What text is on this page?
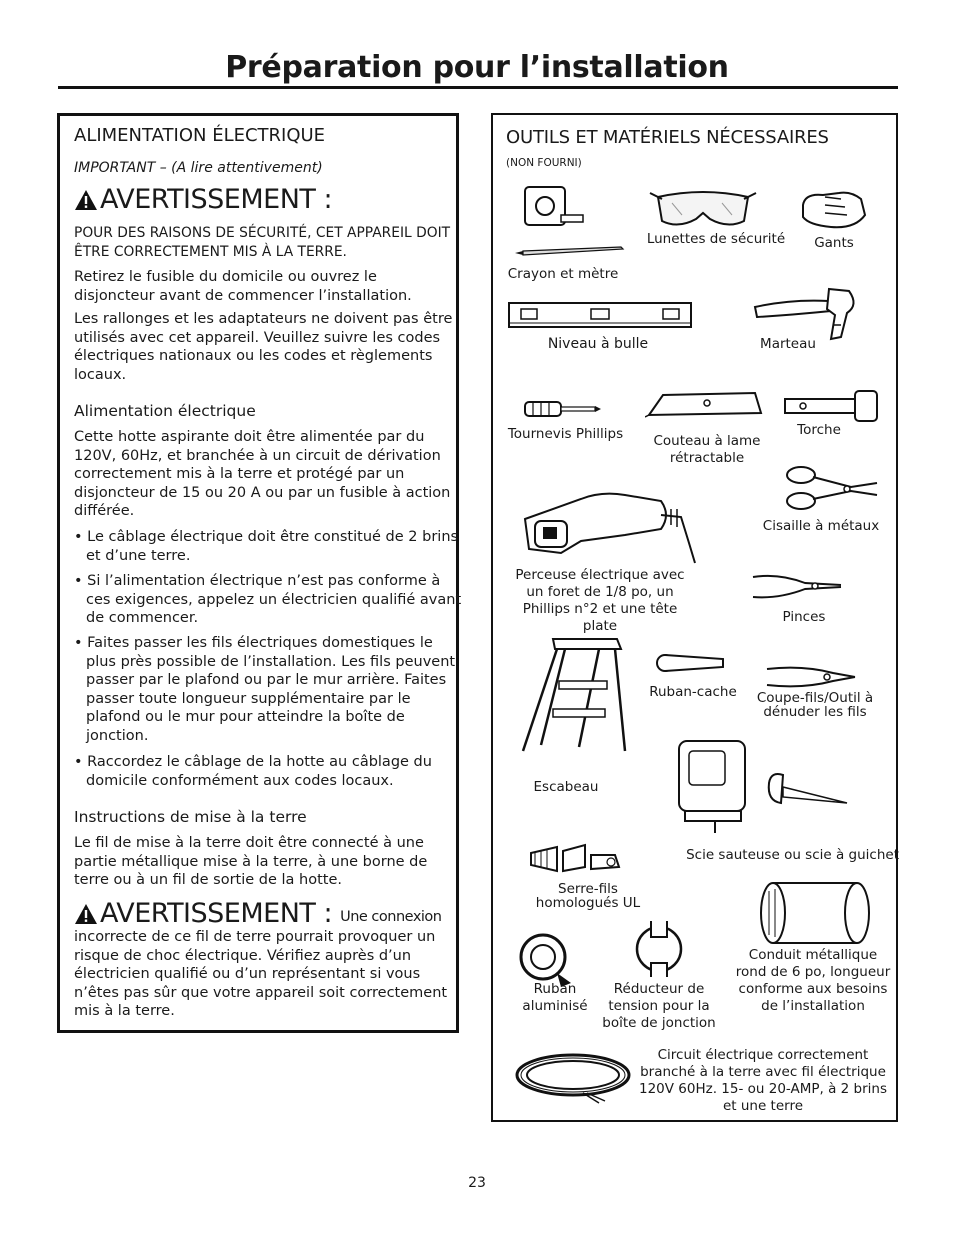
Préparation pour l’installation
ALIMENTATION ÉLECTRIQUE
IMPORTANT – (A lire attentivement)
AVERTISSEMENT :
POUR DES RAISONS DE SÉCURITÉ, CET APPAREIL DOIT ÊTRE CORRECTEMENT MIS À LA TERRE.
Retirez le fusible du domicile ou ouvrez le disjoncteur avant de commencer l’installation.
Les rallonges et les adaptateurs ne doivent pas être utilisés avec cet appareil. Veuillez suivre les codes électriques nationaux ou les codes et règlements locaux.
Alimentation électrique
Cette hotte aspirante doit être alimentée par du 120V, 60Hz, et branchée à un circuit de dérivation correctement mis à la terre et protégé par un disjoncteur de 15 ou 20 A ou par un fusible à action différée.
• Le câblage électrique doit être constitué de 2 brins et d’une terre.
• Si l’alimentation électrique n’est pas conforme à ces exigences, appelez un électricien qualifié avant de commencer.
• Faites passer les fils électriques domestiques le plus près possible de l’installation. Les fils peuvent passer par le plafond ou par le mur arrière. Faites passer toute longueur supplémentaire par le plafond ou le mur pour atteindre la boîte de jonction.
• Raccordez le câblage de la hotte au câblage du domicile conformément aux codes locaux.
Instructions de mise à la terre
Le fil de mise à la terre doit être connecté à une partie métallique mise à la terre, à une borne de terre ou à un fil de sortie de la hotte.
AVERTISSEMENT : Une connexion
incorrecte de ce fil de terre pourrait provoquer un risque de choc électrique. Vérifiez auprès d’un électricien qualifié ou d’un représentant si vous n’êtes pas sûr que votre appareil soit correctement mis à la terre.
OUTILS ET MATÉRIELS NÉCESSAIRES
(NON FOURNI)
Crayon et mètre
Lunettes de sécurité	Gants
Niveau à bulle	Marteau
Tournevis Phillips	Couteau à lame rétractable
Torche
Cisaille à métaux
Perceuse électrique avec un foret de 1/8 po, un Phillips n°2 et une tête plate
Pinces
Escabeau
Ruban-cache	Coupe-fils/Outil à dénuder les fils
Scie sauteuse ou scie à guichet
Serre-fils homologués UL
Ruban aluminisé
Réducteur de tension pour la boîte de jonction
Conduit métallique rond de 6 po, longueur conforme aux besoins de l’installation
Circuit électrique correctement branché à la terre avec fil électrique 120V 60Hz. 15- ou 20-AMP, à 2 brins et une terre
23
